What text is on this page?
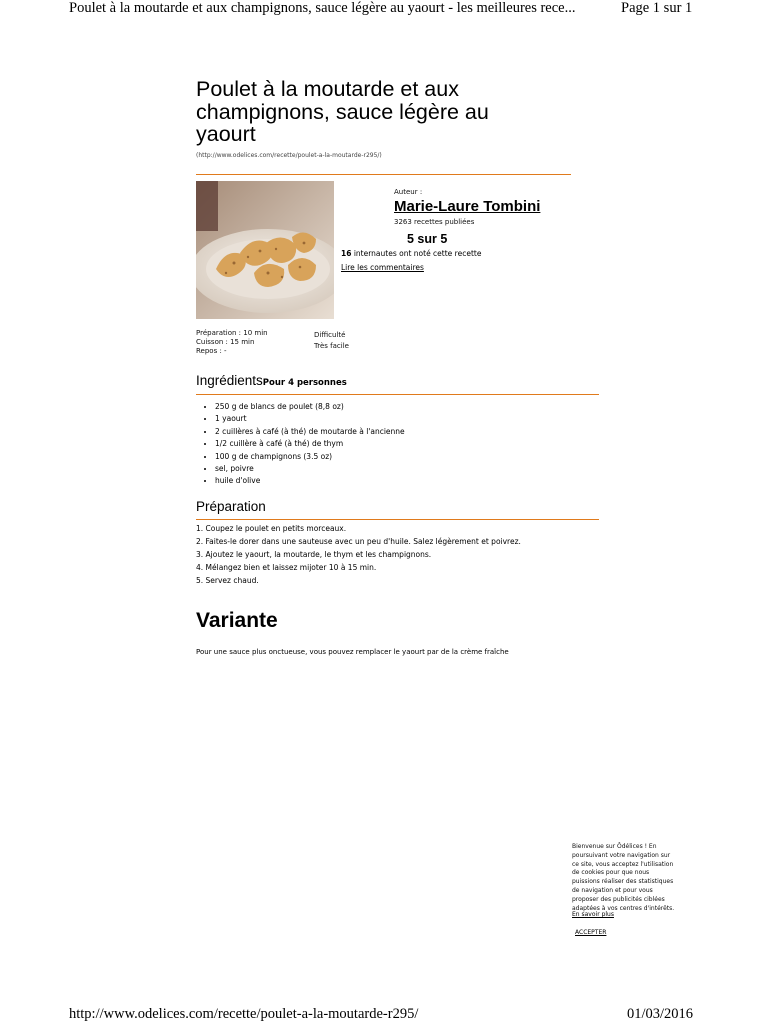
Poulet à la moutarde et aux champignons, sauce légère au yaourt - les meilleures rece...	Page 1 sur 1
Poulet à la moutarde et aux
champignons, sauce légère au
yaourt
(http://www.odelices.com/recette/poulet-a-la-moutarde-r295/)
Auteur :
Marie-Laure Tombini
3263 recettes publiées
5 sur 5
16 internautes ont noté cette recette
Lire les commentaires
Préparation : 10 min
Cuisson : 15 min
Repos : -
Difficulté
Très facile
IngrédientsPour 4 personnes
• 250 g de blancs de poulet (8,8 oz)
• 1 yaourt
• 2 cuillères à café (à thé) de moutarde à l'ancienne
• 1/2 cuillère à café (à thé) de thym
• 100 g de champignons (3.5 oz)
• sel, poivre
• huile d'olive
Préparation
1. Coupez le poulet en petits morceaux.
2. Faites-le dorer dans une sauteuse avec un peu d'huile. Salez légèrement et poivrez.
3. Ajoutez le yaourt, la moutarde, le thym et les champignons.
4. Mélangez bien et laissez mijoter 10 à 15 min.
5. Servez chaud.
Variante
Pour une sauce plus onctueuse, vous pouvez remplacer le yaourt par de la crème fraîche
Bienvenue sur Ôdélices ! En
poursuivant votre navigation sur
ce site, vous acceptez l'utilisation
de cookies pour que nous
puissions réaliser des statistiques
de navigation et pour vous
proposer des publicités ciblées
adaptées à vos centres d'intérêts.
En savoir plus
ACCEPTER
http://www.odelices.com/recette/poulet-a-la-moutarde-r295/	01/03/2016
